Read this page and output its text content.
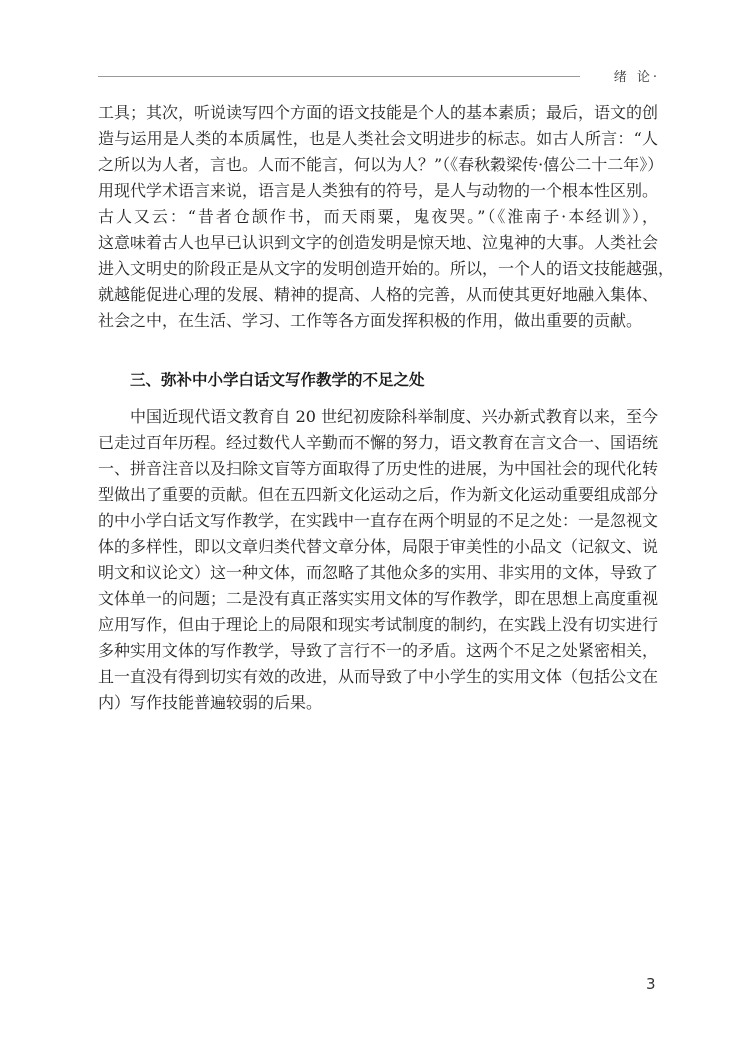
绪 论·
工具；其次，听说读写四个方面的语文技能是个人的基本素质；最后，语文的创
造与运用是人类的本质属性，也是人类社会文明进步的标志。如古人所言：“人
之所以为人者，言也。人而不能言，何以为人？”（《春秋穀梁传·僖公二十二年》）
用现代学术语言来说，语言是人类独有的符号，是人与动物的一个根本性区别。
古人又云：“昔者仓颉作书，而天雨粟，鬼夜哭。”（《淮南子·本经训》），
这意味着古人也早已认识到文字的创造发明是惊天地、泣鬼神的大事。人类社会
进入文明史的阶段正是从文字的发明创造开始的。所以，一个人的语文技能越强，
就越能促进心理的发展、精神的提高、人格的完善，从而使其更好地融入集体、
社会之中，在生活、学习、工作等各方面发挥积极的作用，做出重要的贡献。
三、弥补中小学白话文写作教学的不足之处
中国近现代语文教育自 20 世纪初废除科举制度、兴办新式教育以来，至今
已走过百年历程。经过数代人辛勤而不懈的努力，语文教育在言文合一、国语统
一、拼音注音以及扫除文盲等方面取得了历史性的进展，为中国社会的现代化转
型做出了重要的贡献。但在五四新文化运动之后，作为新文化运动重要组成部分
的中小学白话文写作教学，在实践中一直存在两个明显的不足之处：一是忽视文
体的多样性，即以文章归类代替文章分体，局限于审美性的小品文（记叙文、说
明文和议论文）这一种文体，而忽略了其他众多的实用、非实用的文体，导致了
文体单一的问题；二是没有真正落实实用文体的写作教学，即在思想上高度重视
应用写作，但由于理论上的局限和现实考试制度的制约，在实践上没有切实进行
多种实用文体的写作教学，导致了言行不一的矛盾。这两个不足之处紧密相关，
且一直没有得到切实有效的改进，从而导致了中小学生的实用文体（包括公文在
内）写作技能普遍较弱的后果。
3
